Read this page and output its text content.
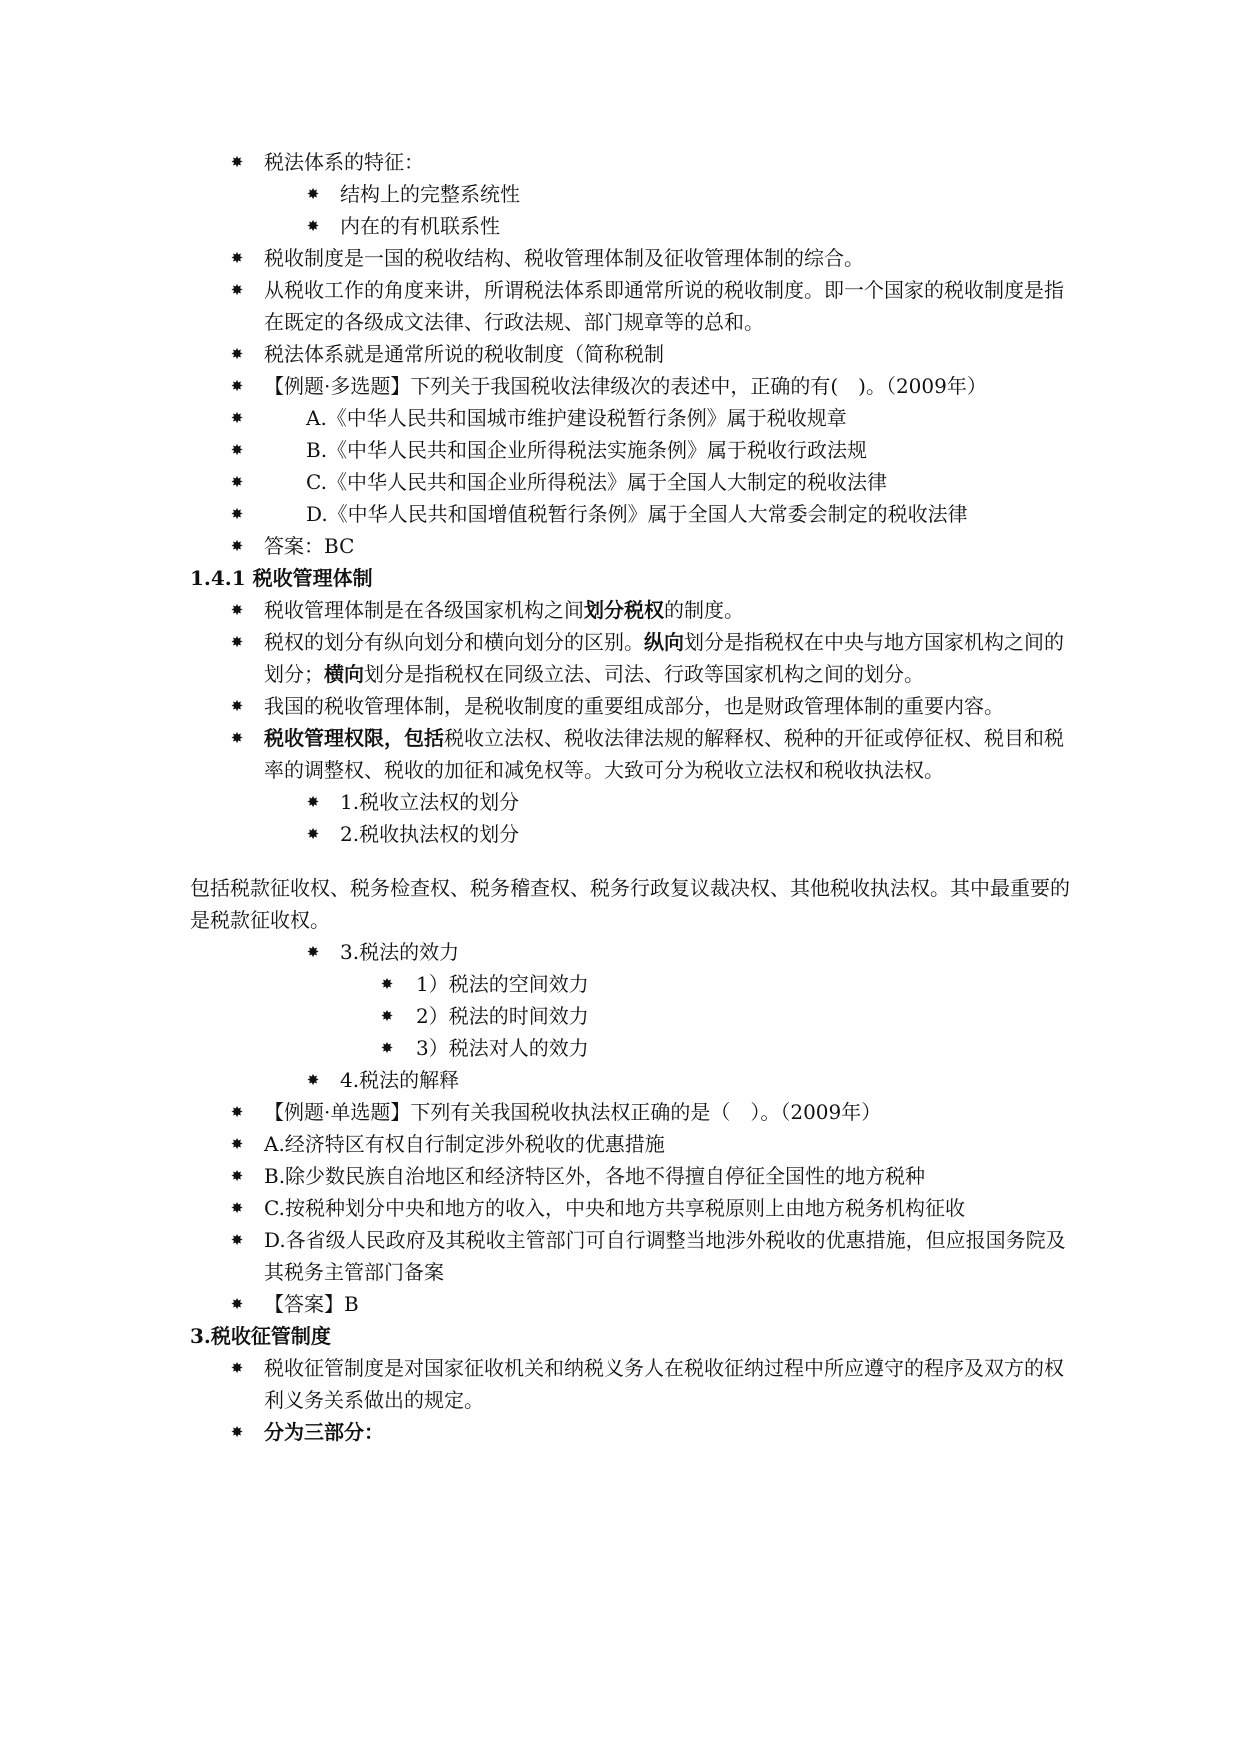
✸ 税法体系的特征：
✸ 结构上的完整系统性
✸ 内在的有机联系性
✸ 税收制度是一国的税收结构、税收管理体制及征收管理体制的综合。
✸ 从税收工作的角度来讲，所谓税法体系即通常所说的税收制度。即一个国家的税收制度是指在既定的各级成文法律、行政法规、部门规章等的总和。
✸ 税法体系就是通常所说的税收制度（简称税制
✸ 【例题·多选题】下列关于我国税收法律级次的表述中，正确的有(　)。（2009年）
✸	A.《中华人民共和国城市维护建设税暂行条例》属于税收规章
✸	B.《中华人民共和国企业所得税法实施条例》属于税收行政法规
✸	C.《中华人民共和国企业所得税法》属于全国人大制定的税收法律
✸	D.《中华人民共和国增值税暂行条例》属于全国人大常委会制定的税收法律
✸ 答案：BC
1.4.1 税收管理体制
✸ 税收管理体制是在各级国家机构之间划分税权的制度。
✸ 税权的划分有纵向划分和横向划分的区别。纵向划分是指税权在中央与地方国家机构之间的划分；横向划分是指税权在同级立法、司法、行政等国家机构之间的划分。
✸ 我国的税收管理体制，是税收制度的重要组成部分，也是财政管理体制的重要内容。
✸ 税收管理权限，包括税收立法权、税收法律法规的解释权、税种的开征或停征权、税目和税率的调整权、税收的加征和减免权等。大致可分为税收立法权和税收执法权。
✸ 1.税收立法权的划分
✸ 2.税收执法权的划分
包括税款征收权、税务检查权、税务稽查权、税务行政复议裁决权、其他税收执法权。其中最重要的是税款征收权。
✸ 3.税法的效力
✸ 1）税法的空间效力
✸ 2）税法的时间效力
✸ 3）税法对人的效力
✸ 4.税法的解释
✸ 【例题·单选题】下列有关我国税收执法权正确的是（　）。（2009年）
✸ A.经济特区有权自行制定涉外税收的优惠措施
✸ B.除少数民族自治地区和经济特区外，各地不得擅自停征全国性的地方税种
✸ C.按税种划分中央和地方的收入，中央和地方共享税原则上由地方税务机构征收
✸ D.各省级人民政府及其税收主管部门可自行调整当地涉外税收的优惠措施，但应报国务院及其税务主管部门备案
✸ 【答案】B
3.税收征管制度
✸ 税收征管制度是对国家征收机关和纳税义务人在税收征纳过程中所应遵守的程序及双方的权利义务关系做出的规定。
✸ 分为三部分：
